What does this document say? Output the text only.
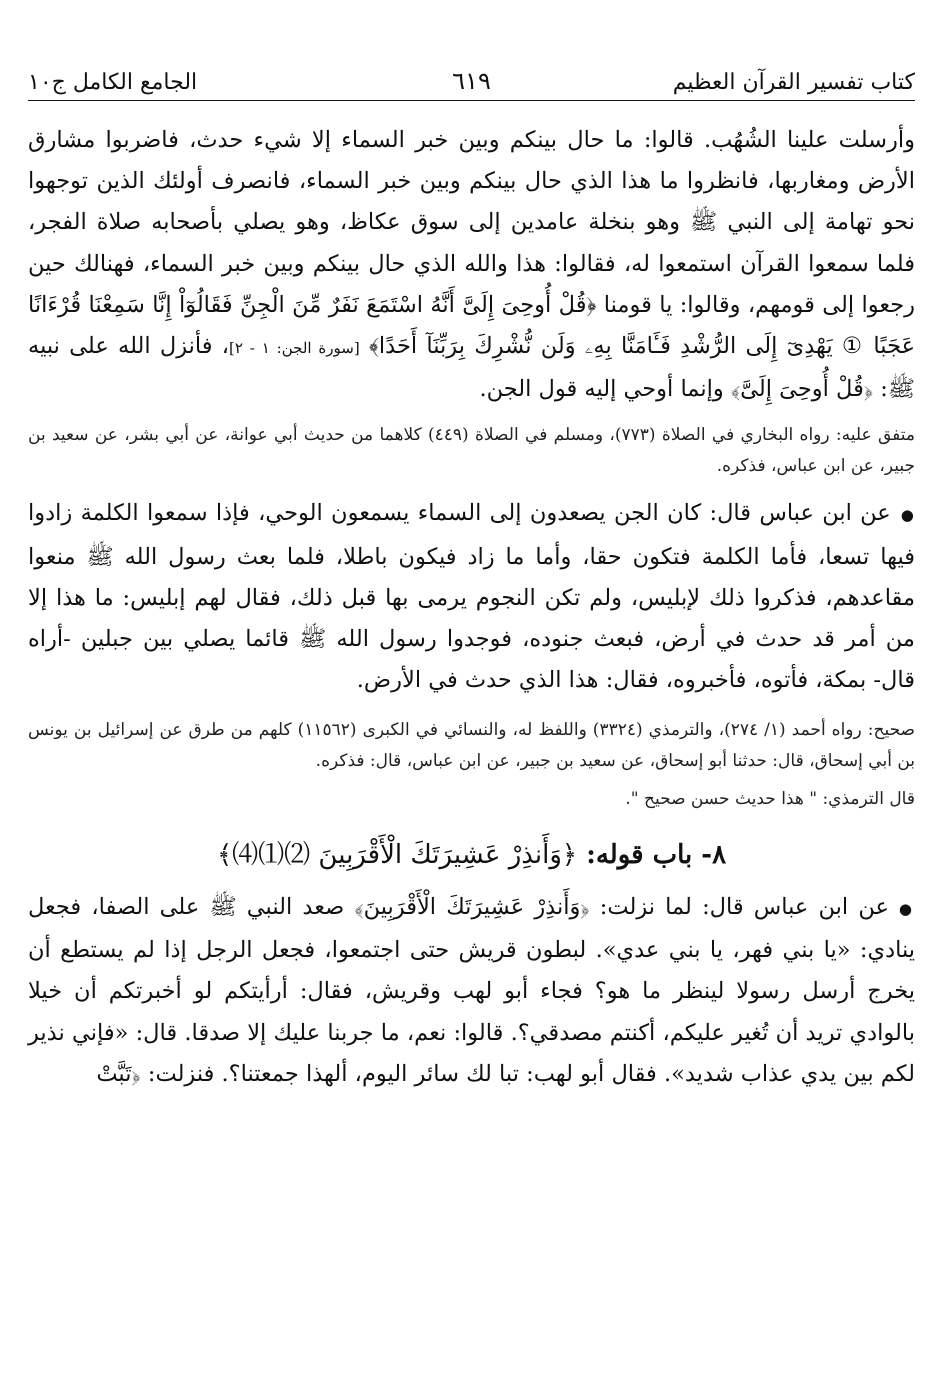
كتاب تفسير القرآن العظيم
٦١٩
الجامع الكامل ج١٠

وأرسلت علينا الشُهُب. قالوا: ما حال بينكم وبين خبر السماء إلا شيء حدث، فاضربوا مشارق الأرض ومغاربها، فانظروا ما هذا الذي حال بينكم وبين خبر السماء، فانصرف أولئك الذين توجهوا نحو تهامة إلى النبي ﷺ وهو بنخلة عامدين إلى سوق عكاظ، وهو يصلي بأصحابه صلاة الفجر، فلما سمعوا القرآن استمعوا له، فقالوا: هذا والله الذي حال بينكم وبين خبر السماء، فهنالك حين رجعوا إلى قومهم، وقالوا: يا قومنا ﴿قُلْ أُوحِىَ إِلَىَّ أَنَّهُ اسْتَمَعَ نَفَرٌ مِّنَ الْجِنِّ فَقَالُوٓاْ إِنَّا سَمِعْنَا قُرْءَانًا عَجَبًا ① يَهْدِىٓ إِلَى الرُّشْدِ فَـَٔامَنَّا بِهِۦ وَلَن نُّشْرِكَ بِرَبِّنَآ أَحَدًا﴾ [سورة الجن: ١ - ٢]، فأنزل الله على نبيه ﷺ: ﴿قُلْ أُوحِىَ إِلَىَّ﴾ وإنما أوحي إليه قول الجن.

متفق عليه: رواه البخاري في الصلاة (٧٧٣)، ومسلم في الصلاة (٤٤٩) كلاهما من حديث أبي عوانة، عن أبي بشر، عن سعيد بن جبير، عن ابن عباس، فذكره.

●عن ابن عباس قال: كان الجن يصعدون إلى السماء يسمعون الوحي، فإذا سمعوا الكلمة زادوا فيها تسعا، فأما الكلمة فتكون حقا، وأما ما زاد فيكون باطلا، فلما بعث رسول الله ﷺ منعوا مقاعدهم، فذكروا ذلك لإبليس، ولم تكن النجوم يرمى بها قبل ذلك، فقال لهم إبليس: ما هذا إلا من أمر قد حدث في أرض، فبعث جنوده، فوجدوا رسول الله ﷺ قائما يصلي بين جبلين -أراه قال- بمكة، فأتوه، فأخبروه، فقال: هذا الذي حدث في الأرض.

صحيح: رواه أحمد (١/ ٢٧٤)، والترمذي (٣٣٢٤) واللفظ له، والنسائي في الكبرى (١١٥٦٢) كلهم من طرق عن إسرائيل بن يونس بن أبي إسحاق، قال: حدثنا أبو إسحاق، عن سعيد بن جبير، عن ابن عباس، قال: فذكره.

قال الترمذي: " هذا حديث حسن صحيح ".

٨- باب قوله: ﴿وَأَنذِرْ عَشِيرَتَكَ الْأَقْرَبِينَ ⑵⑴⑷﴾

●عن ابن عباس قال: لما نزلت: ﴿وَأَنذِرْ عَشِيرَتَكَ الْأَقْرَبِينَ﴾ صعد النبي ﷺ على الصفا، فجعل ينادي: «يا بني فهر، يا بني عدي». لبطون قريش حتى اجتمعوا، فجعل الرجل إذا لم يستطع أن يخرج أرسل رسولا لينظر ما هو؟ فجاء أبو لهب وقريش، فقال: أرأيتكم لو أخبرتكم أن خيلا بالوادي تريد أن تُغير عليكم، أكنتم مصدقي؟. قالوا: نعم، ما جربنا عليك إلا صدقا. قال: «فإني نذير لكم بين يدي عذاب شديد». فقال أبو لهب: تبا لك سائر اليوم، ألهذا جمعتنا؟. فنزلت: ﴿تَبَّتْ
